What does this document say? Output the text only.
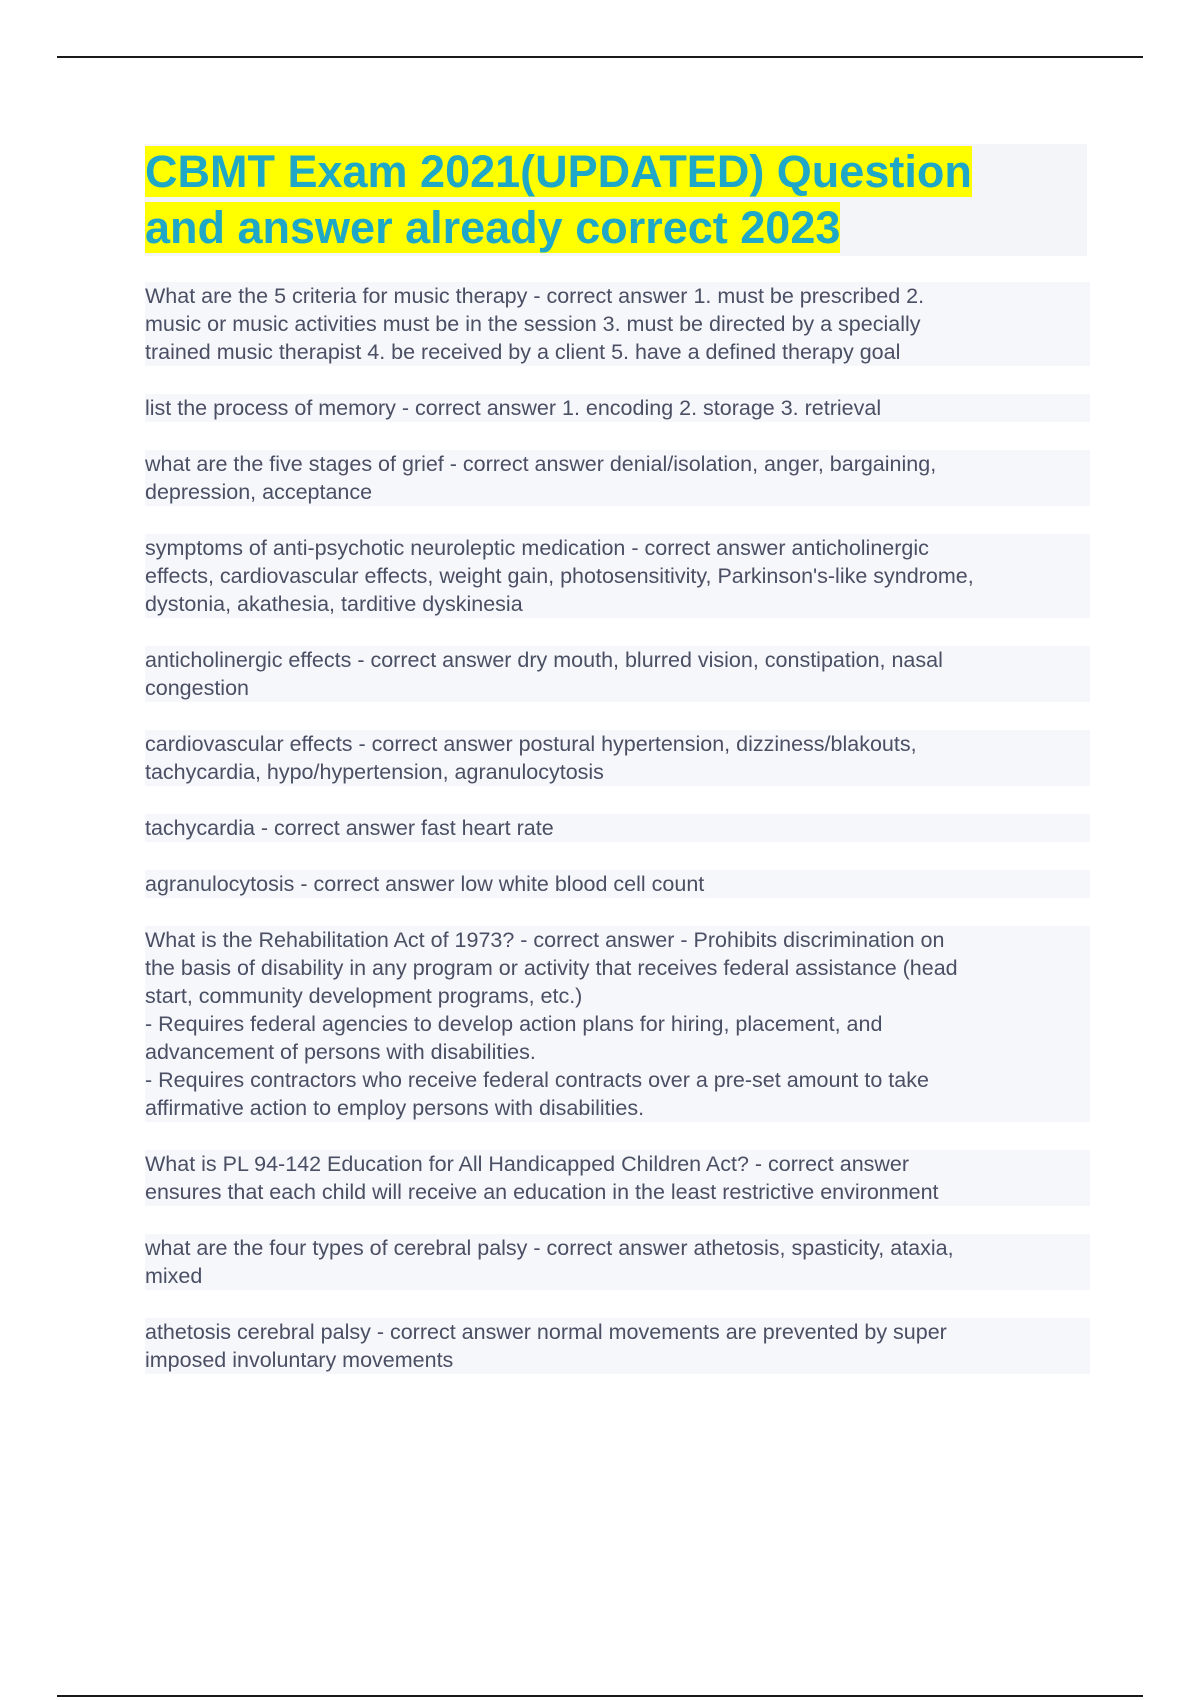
CBMT Exam 2021(UPDATED) Question
and answer already correct 2023

What are the 5 criteria for music therapy - correct answer 1. must be prescribed 2.
music or music activities must be in the session 3. must be directed by a specially
trained music therapist 4. be received by a client 5. have a defined therapy goal

list the process of memory - correct answer 1. encoding 2. storage 3. retrieval

what are the five stages of grief - correct answer denial/isolation, anger, bargaining,
depression, acceptance

symptoms of anti-psychotic neuroleptic medication - correct answer anticholinergic
effects, cardiovascular effects, weight gain, photosensitivity, Parkinson's-like syndrome,
dystonia, akathesia, tarditive dyskinesia

anticholinergic effects - correct answer dry mouth, blurred vision, constipation, nasal
congestion

cardiovascular effects - correct answer postural hypertension, dizziness/blakouts,
tachycardia, hypo/hypertension, agranulocytosis

tachycardia - correct answer fast heart rate

agranulocytosis - correct answer low white blood cell count

What is the Rehabilitation Act of 1973? - correct answer - Prohibits discrimination on
the basis of disability in any program or activity that receives federal assistance (head
start, community development programs, etc.)
- Requires federal agencies to develop action plans for hiring, placement, and
advancement of persons with disabilities.
- Requires contractors who receive federal contracts over a pre-set amount to take
affirmative action to employ persons with disabilities.

What is PL 94-142 Education for All Handicapped Children Act? - correct answer
ensures that each child will receive an education in the least restrictive environment

what are the four types of cerebral palsy - correct answer athetosis, spasticity, ataxia,
mixed

athetosis cerebral palsy - correct answer normal movements are prevented by super
imposed involuntary movements
